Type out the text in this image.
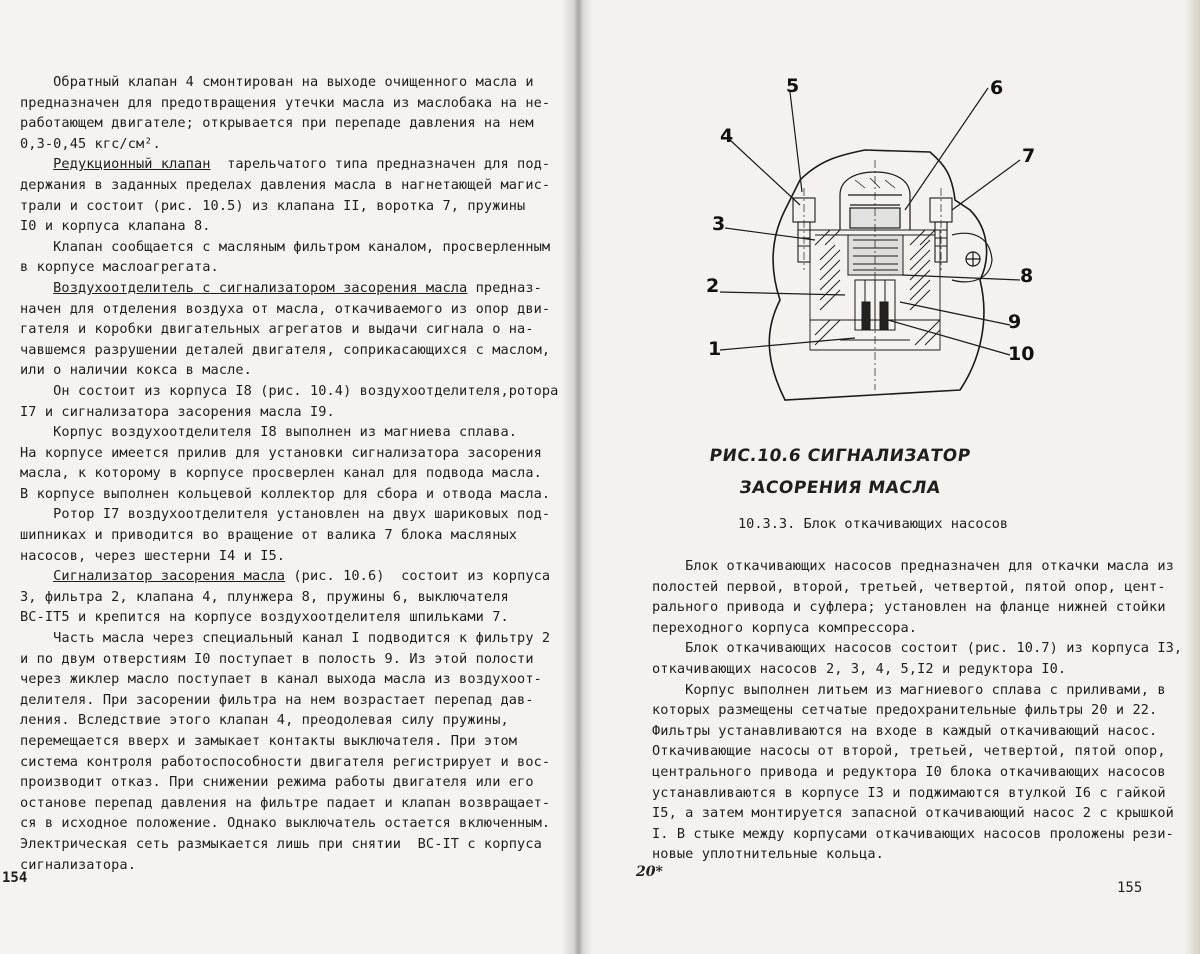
Обратный клапан 4 смонтирован на выходе очищенного масла и
предназначен для предотвращения утечки масла из маслобака на не-
работающем двигателе; открывается при перепаде давления на нем
0,3-0,45 кгс/см².
Редукционный клапан  тарельчатого типа предназначен для под-
держания в заданных пределах давления масла в нагнетающей магис-
трали и состоит (рис. 10.5) из клапана II, воротка 7, пружины
I0 и корпуса клапана 8.
Клапан сообщается с масляным фильтром каналом, просверленным
в корпусе маслоагрегата.
Воздухоотделитель с сигнализатором засорения масла предназ-
начен для отделения воздуха от масла, откачиваемого из опор дви-
гателя и коробки двигательных агрегатов и выдачи сигнала о на-
чавшемся разрушении деталей двигателя, соприкасающихся с маслом,
или о наличии кокса в масле.
Он состоит из корпуса I8 (рис. 10.4) воздухоотделителя,ротора
I7 и сигнализатора засорения масла I9.
Корпус воздухоотделителя I8 выполнен из магниева сплава.
На корпусе имеется прилив для установки сигнализатора засорения
масла, к которому в корпусе просверлен канал для подвода масла.
В корпусе выполнен кольцевой коллектор для сбора и отвода масла.
Ротор I7 воздухоотделителя установлен на двух шариковых под-
шипниках и приводится во вращение от валика 7 блока масляных
насосов, через шестерни I4 и I5.
Сигнализатор засорения масла (рис. 10.6)  состоит из корпуса
3, фильтра 2, клапана 4, плунжера 8, пружины 6, выключателя
ВС-IТ5 и крепится на корпусе воздухоотделителя шпильками 7.
Часть масла через специальный канал I подводится к фильтру 2
и по двум отверстиям I0 поступает в полость 9. Из этой полости
через жиклер масло поступает в канал выхода масла из воздухоот-
делителя. При засорении фильтра на нем возрастает перепад дав-
ления. Вследствие этого клапан 4, преодолевая силу пружины,
перемещается вверх и замыкает контакты выключателя. При этом
система контроля работоспособности двигателя регистрирует и вос-
производит отказ. При снижении режима работы двигателя или его
останове перепад давления на фильтре падает и клапан возвращает-
ся в исходное положение. Однако выключатель остается включенным.
Электрическая сеть размыкается лишь при снятии  ВС-IТ с корпуса
сигнализатора.
5	6
4
7
3
8
2
9
1	10
РИС.10.6 СИГНАЛИЗАТОР
ЗАСОРЕНИЯ МАСЛА
10.3.3. Блок откачивающих насосов
Блок откачивающих насосов предназначен для откачки масла из
полостей первой, второй, третьей, четвертой, пятой опор, цент-
рального привода и суфлера; установлен на фланце нижней стойки
переходного корпуса компрессора.
Блок откачивающих насосов состоит (рис. 10.7) из корпуса I3,
откачивающих насосов 2, 3, 4, 5,I2 и редуктора I0.
Корпус выполнен литьем из магниевого сплава с приливами, в
которых размещены сетчатые предохранительные фильтры 20 и 22.
Фильтры устанавливаются на входе в каждый откачивающий насос.
Откачивающие насосы от второй, третьей, четвертой, пятой опор,
центрального привода и редуктора I0 блока откачивающих насосов
устанавливаются в корпусе I3 и поджимаются втулкой I6 с гайкой
I5, а затем монтируется запасной откачивающий насос 2 с крышкой
I. В стыке между корпусами откачивающих насосов проложены рези-
новые уплотнительные кольца.
154	20*
155
